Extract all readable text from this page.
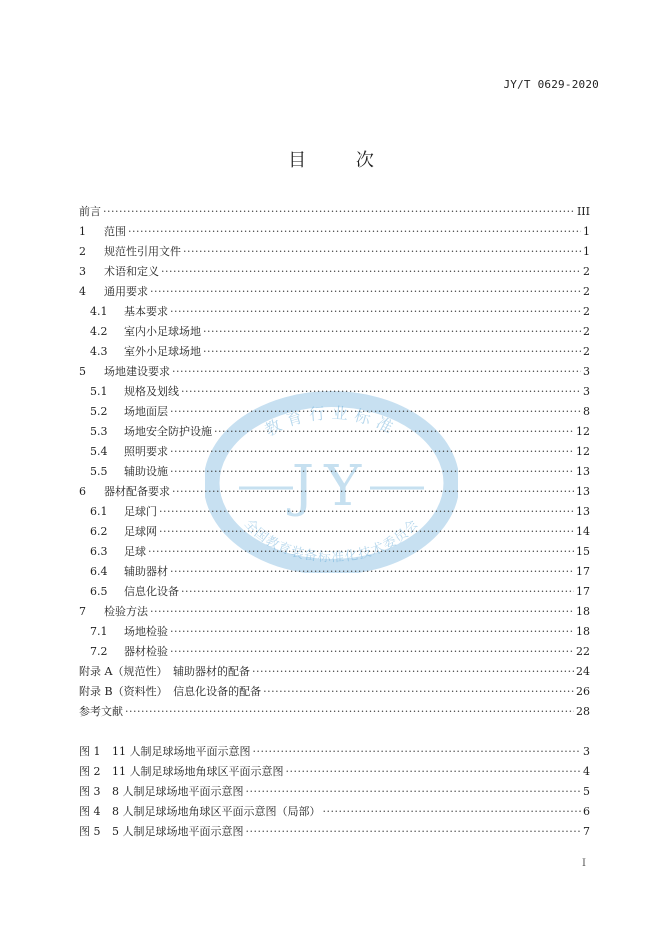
JY/T 0629-2020
目 次
教育行业标准
JY
全国教育装备标准化技术委员会
前言 ·····	III
1	范围 ·····	1
2	规范性引用文件 ·····	1
3	术语和定义 ·····	2
4	通用要求 ·····	2
4.1	基本要求 ·····	2
4.2	室内小足球场地 ·····	2
4.3	室外小足球场地 ·····	2
5	场地建设要求 ·····	3
5.1	规格及划线 ·····	3
5.2	场地面层 ·····	8
5.3	场地安全防护设施 ·····	12
5.4	照明要求 ·····	12
5.5	辅助设施 ·····	13
6	器材配备要求 ·····	13
6.1	足球门 ·····	13
6.2	足球网 ·····	14
6.3	足球 ·····	15
6.4	辅助器材 ·····	17
6.5	信息化设备 ·····	17
7	检验方法 ·····	18
7.1	场地检验 ·····	18
7.2	器材检验 ·····	22
附录 A（规范性）　辅助器材的配备 ·····	24
附录 B（资料性）　信息化设备的配备 ·····	26
参考文献 ·····	28
图 1	11 人制足球场地平面示意图 ·····	3
图 2	11 人制足球场地角球区平面示意图 ·····	4
图 3	8 人制足球场地平面示意图 ·····	5
图 4	8 人制足球场地角球区平面示意图（局部） ·····	6
图 5	5 人制足球场地平面示意图 ·····	7
I
